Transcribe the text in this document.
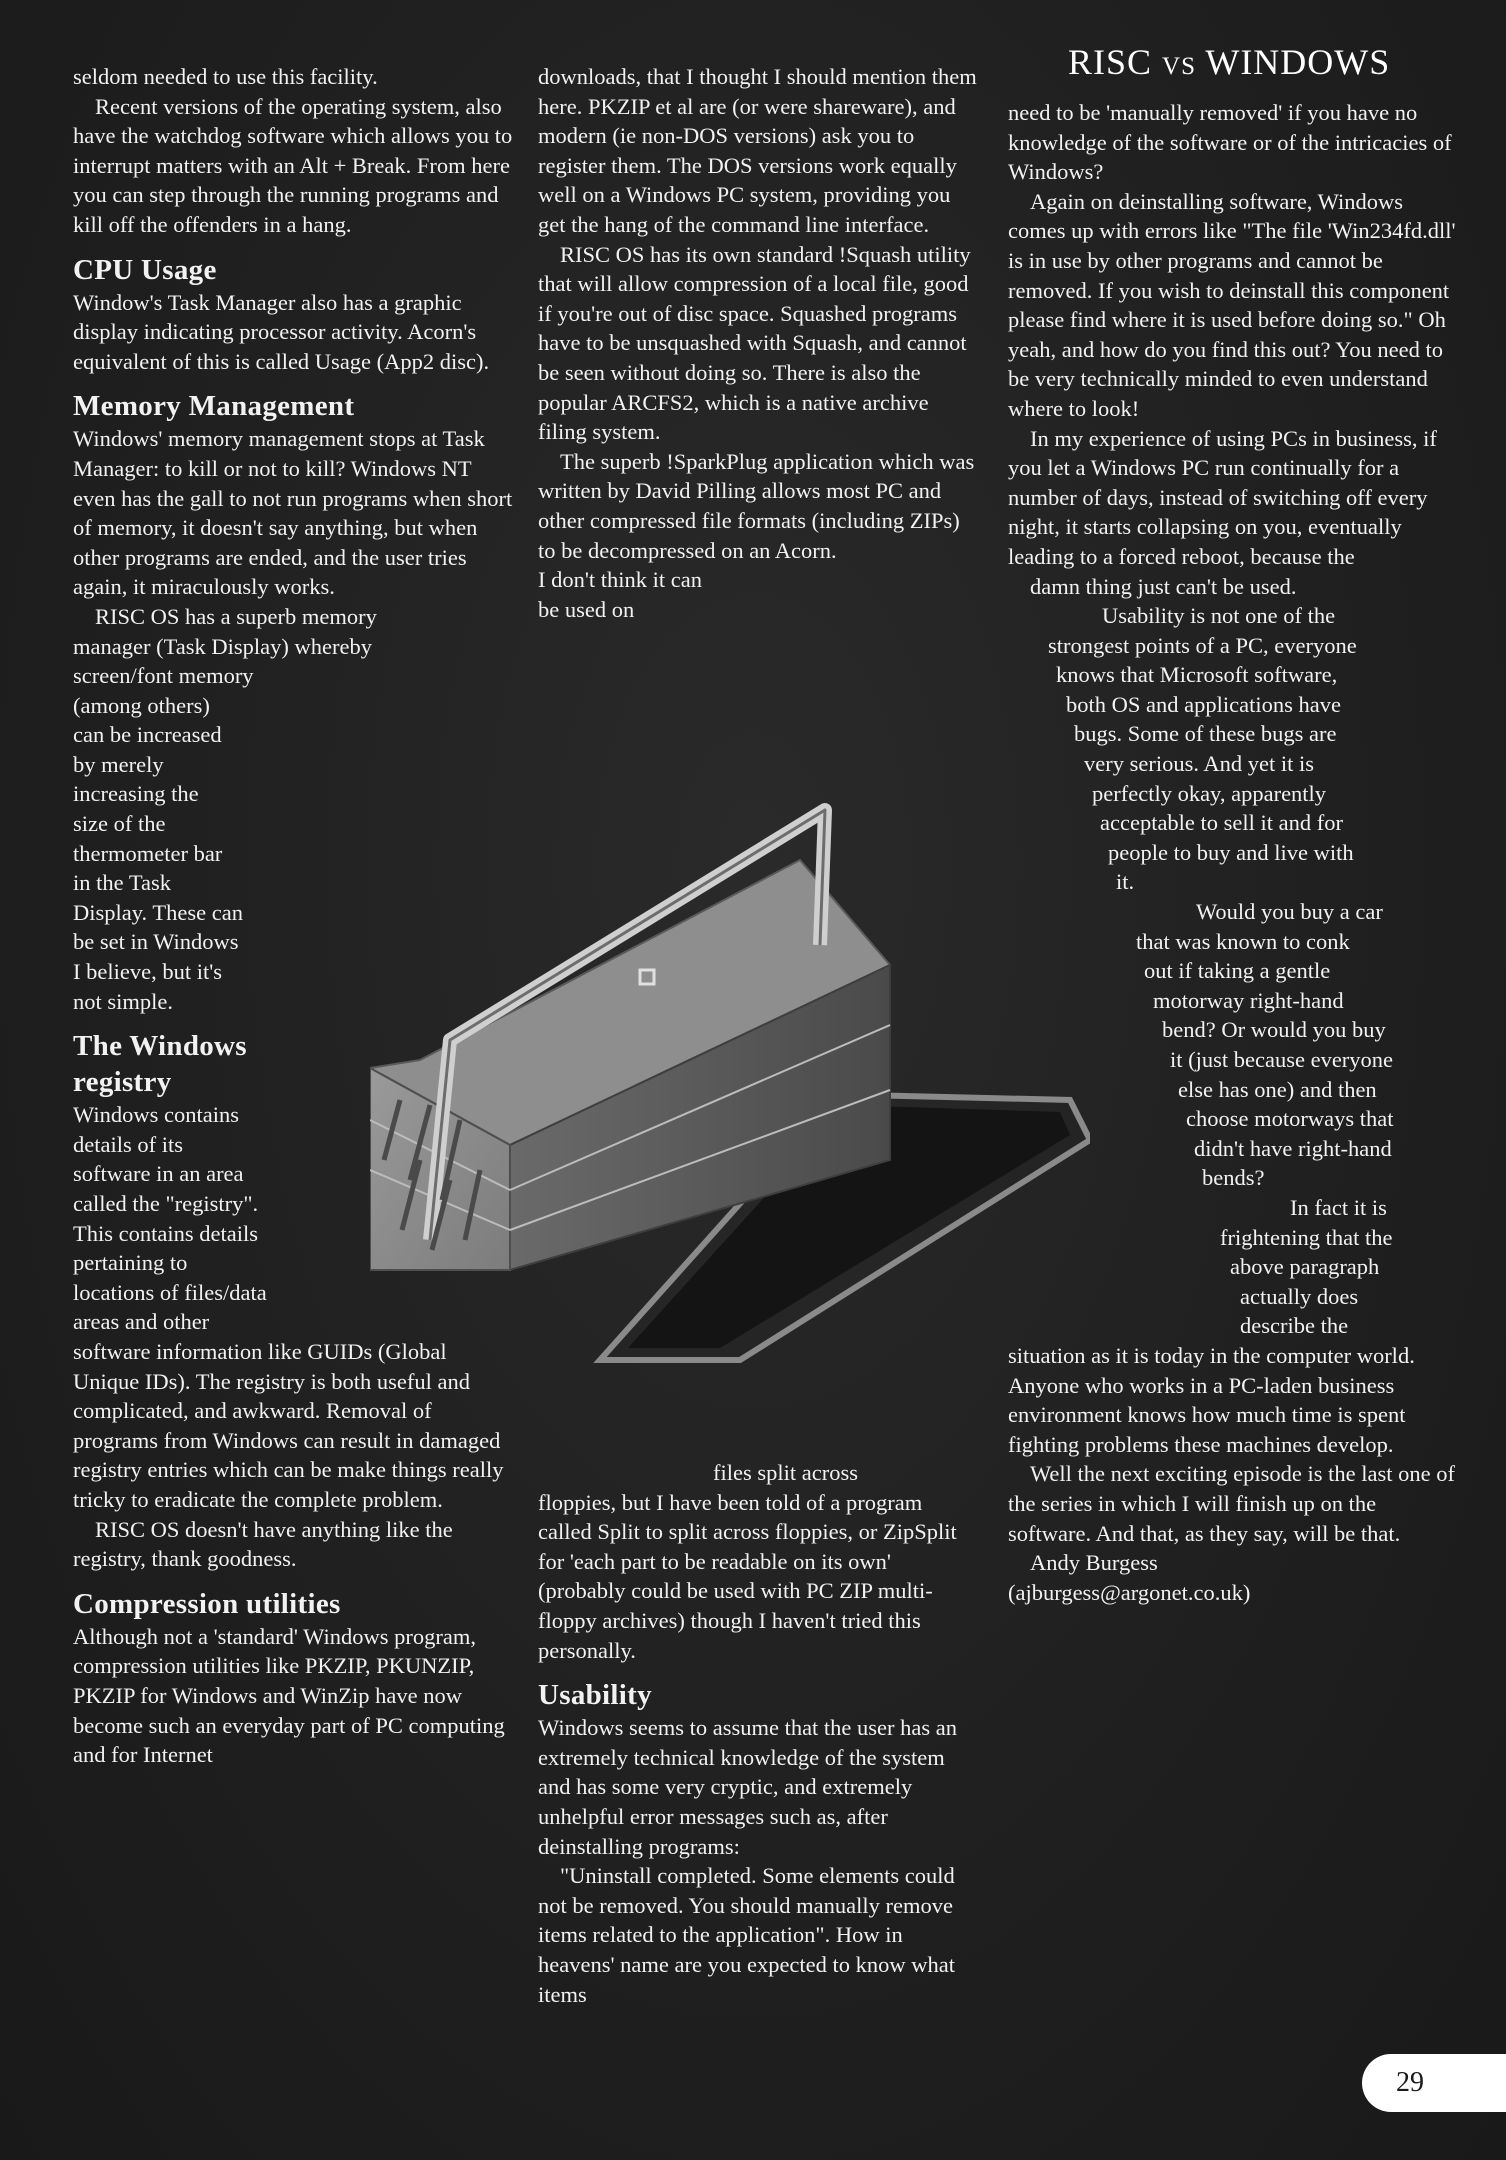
RISC vs WINDOWS

seldom needed to use this facility.

Recent versions of the operating system, also have the watchdog software which allows you to interrupt matters with an Alt + Break. From here you can step through the running programs and kill off the offenders in a hang.

CPU Usage

Window's Task Manager also has a graphic display indicating processor activity. Acorn's equivalent of this is called Usage (App2 disc).

Memory Management

Windows' memory management stops at Task Manager: to kill or not to kill? Windows NT even has the gall to not run programs when short of memory, it doesn't say anything, but when other programs are ended, and the user tries again, it miraculously works.

RISC OS has a superb memory

manager (Task Display) whereby

screen/font memory

(among others)

can be increased

by merely

increasing the

size of the

thermometer bar

in the Task

Display. These can

be set in Windows

I believe, but it's

not simple.

The Windows
registry

Windows contains

details of its

software in an area

called the "registry".

This contains details

pertaining to

locations of files/data

areas and other

software information like GUIDs (Global Unique IDs). The registry is both useful and complicated, and awkward. Removal of programs from Windows can result in damaged registry entries which can be make things really tricky to eradicate the complete problem.

RISC OS doesn't have anything like the registry, thank goodness.

Compression utilities

Although not a 'standard' Windows program, compression utilities like PKZIP, PKUNZIP, PKZIP for Windows and WinZip have now become such an everyday part of PC computing and for Internet

downloads, that I thought I should mention them here. PKZIP et al are (or were shareware), and modern (ie non-DOS versions) ask you to register them. The DOS versions work equally well on a Windows PC system, providing you get the hang of the command line interface.

RISC OS has its own standard !Squash utility that will allow compression of a local file, good if you're out of disc space. Squashed programs have to be unsquashed with Squash, and cannot be seen without doing so. There is also the popular ARCFS2, which is a native archive filing system.

The superb !SparkPlug application which was written by David Pilling allows most PC and other compressed file formats (including ZIPs) to be decompressed on an Acorn.

I don't think it can

be used on

files split across

floppies, but I have been told of a program called Split to split across floppies, or ZipSplit for 'each part to be readable on its own' (probably could be used with PC ZIP multi-floppy archives) though I haven't tried this personally.

Usability

Windows seems to assume that the user has an extremely technical knowledge of the system and has some very cryptic, and extremely unhelpful error messages such as, after deinstalling programs:

"Uninstall completed. Some elements could not be removed. You should manually remove items related to the application". How in heavens' name are you expected to know what items

need to be 'manually removed' if you have no knowledge of the software or of the intricacies of Windows?

Again on deinstalling software, Windows comes up with errors like "The file 'Win234fd.dll' is in use by other programs and cannot be removed. If you wish to deinstall this component please find where it is used before doing so." Oh yeah, and how do you find this out? You need to be very technically minded to even understand where to look!

In my experience of using PCs in business, if you let a Windows PC run continually for a number of days, instead of switching off every night, it starts collapsing on you, eventually leading to a forced reboot, because the

damn thing just can't be used.

Usability is not one of the

strongest points of a PC, everyone

knows that Microsoft software,

both OS and applications have

bugs. Some of these bugs are

very serious. And yet it is

perfectly okay, apparently

acceptable to sell it and for

people to buy and live with

it.

Would you buy a car

that was known to conk

out if taking a gentle

motorway right-hand

bend? Or would you buy

it (just because everyone

else has one) and then

choose motorways that

didn't have right-hand

bends?

In fact it is

frightening that the

above paragraph

actually does

describe the

situation as it is today in the computer world. Anyone who works in a PC-laden business environment knows how much time is spent fighting problems these machines develop.

Well the next exciting episode is the last one of the series in which I will finish up on the software. And that, as they say, will be that.

Andy Burgess

(ajburgess@argonet.co.uk)

29
